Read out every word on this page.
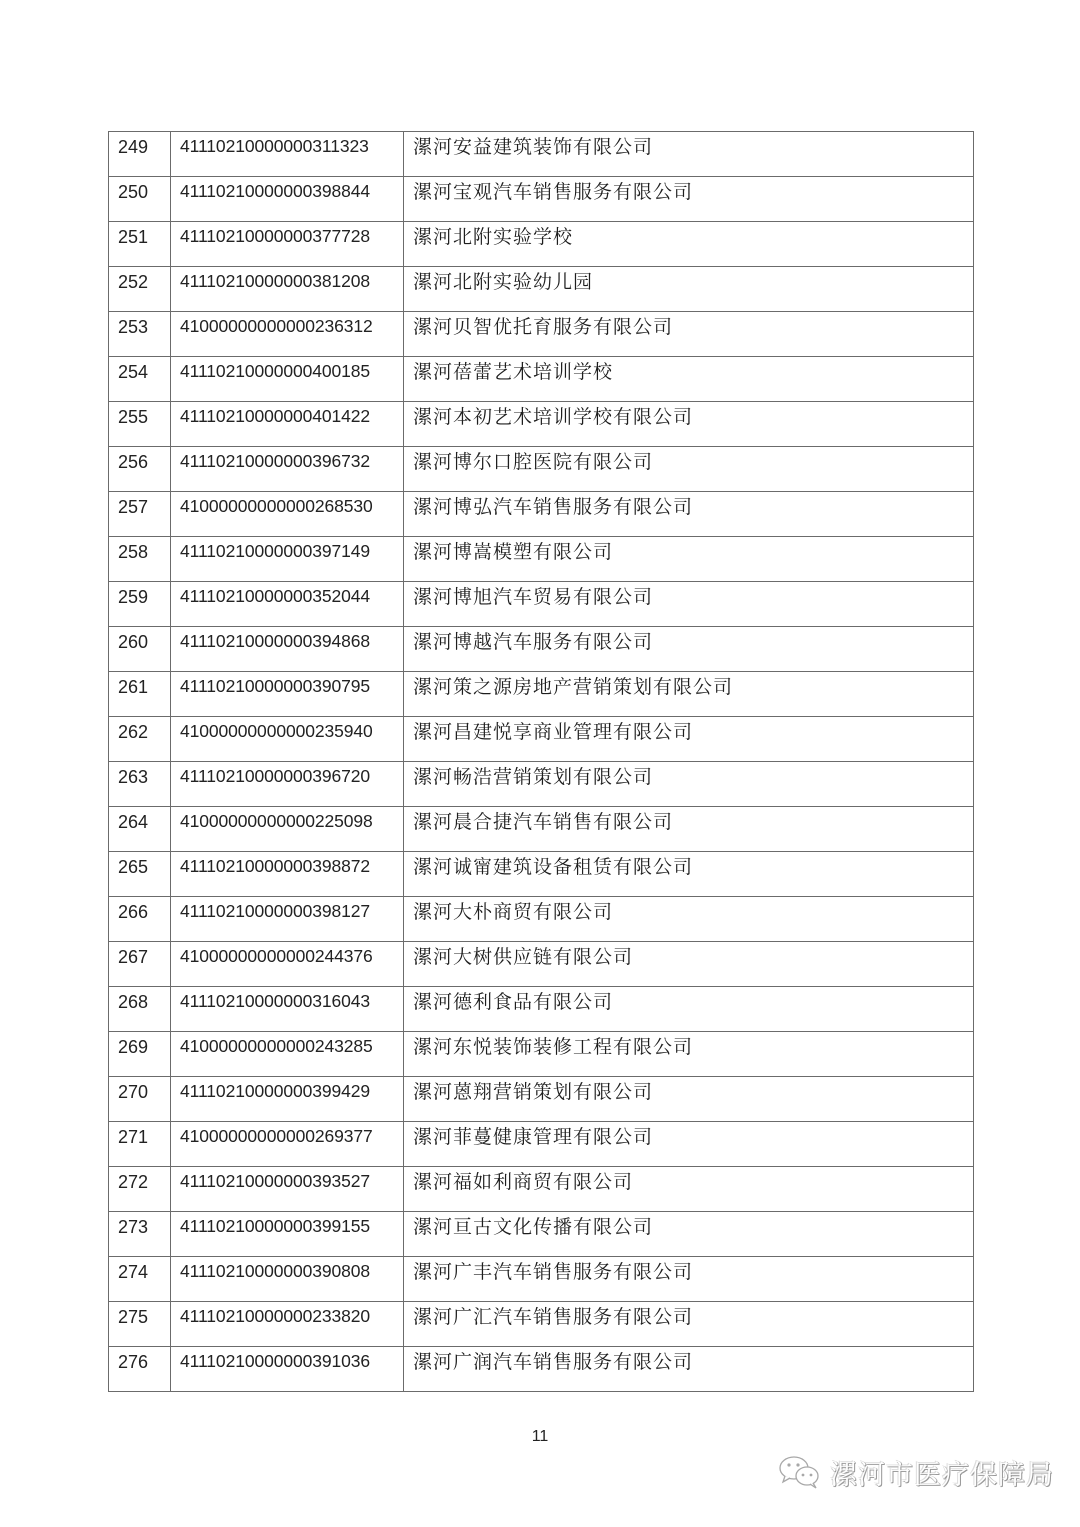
249	41110210000000311323	漯河安益建筑装饰有限公司

250	41110210000000398844	漯河宝观汽车销售服务有限公司

251	41110210000000377728	漯河北附实验学校

252	41110210000000381208	漯河北附实验幼儿园

253	41000000000000236312	漯河贝智优托育服务有限公司

254	41110210000000400185	漯河蓓蕾艺术培训学校

255	41110210000000401422	漯河本初艺术培训学校有限公司

256	41110210000000396732	漯河博尔口腔医院有限公司

257	41000000000000268530	漯河博弘汽车销售服务有限公司

258	41110210000000397149	漯河博嵩模塑有限公司

259	41110210000000352044	漯河博旭汽车贸易有限公司

260	41110210000000394868	漯河博越汽车服务有限公司

261	41110210000000390795	漯河策之源房地产营销策划有限公司

262	41000000000000235940	漯河昌建悦享商业管理有限公司

263	41110210000000396720	漯河畅浩营销策划有限公司

264	41000000000000225098	漯河晨合捷汽车销售有限公司

265	41110210000000398872	漯河诚甯建筑设备租赁有限公司

266	41110210000000398127	漯河大朴商贸有限公司

267	41000000000000244376	漯河大树供应链有限公司

268	41110210000000316043	漯河德利食品有限公司

269	41000000000000243285	漯河东悦装饰装修工程有限公司

270	41110210000000399429	漯河蒽翔营销策划有限公司

271	41000000000000269377	漯河菲蔓健康管理有限公司

272	41110210000000393527	漯河福如利商贸有限公司

273	41110210000000399155	漯河亘古文化传播有限公司

274	41110210000000390808	漯河广丰汽车销售服务有限公司

275	41110210000000233820	漯河广汇汽车销售服务有限公司

276	41110210000000391036	漯河广润汽车销售服务有限公司
11
漯河市医疗保障局
